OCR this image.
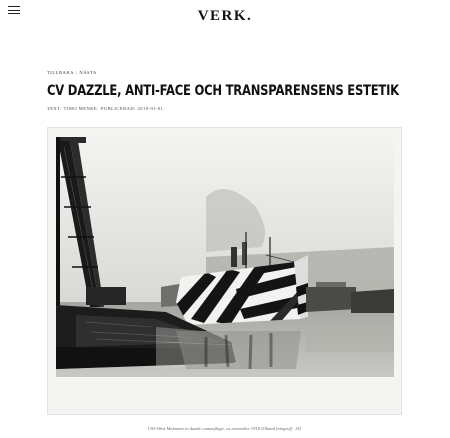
VERK.
TILLBAKA | NÄSTA
CV DAZZLE, ANTI-FACE OCH TRANSPARENSENS ESTETIK
TEXT: TIMO MENKE. PUBLICERAD: 2019-01-01.
USS West Mahomet in dazzle camouflage, ca november 1918 (Okänd fotograf) [4]
